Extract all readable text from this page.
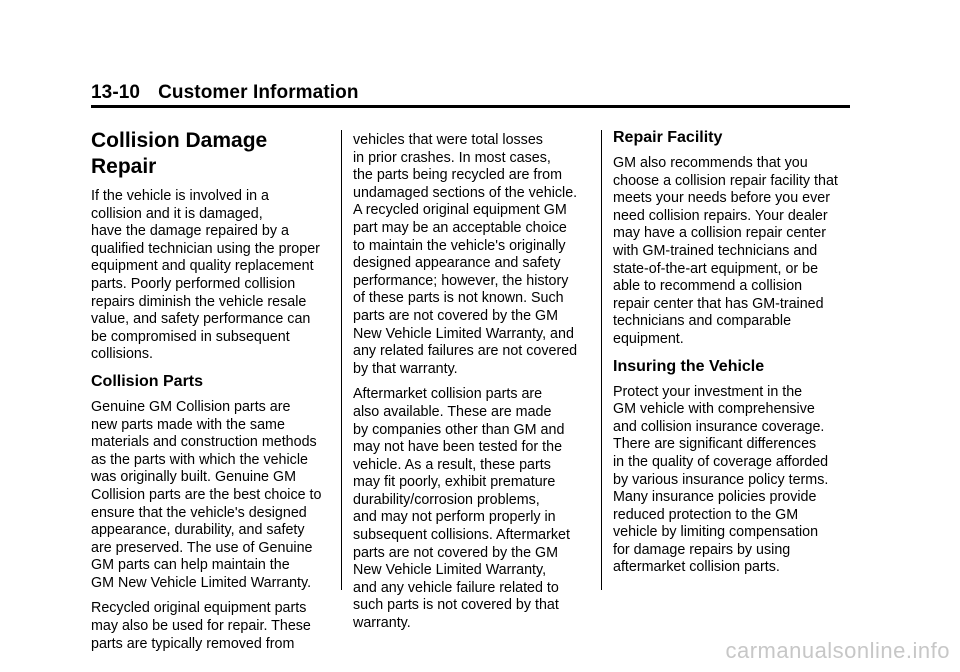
13-10 Customer Information
Collision Damage Repair

If the vehicle is involved in a
collision and it is damaged,
have the damage repaired by a
qualified technician using the proper
equipment and quality replacement
parts. Poorly performed collision
repairs diminish the vehicle resale
value, and safety performance can
be compromised in subsequent
collisions.

Collision Parts

Genuine GM Collision parts are
new parts made with the same
materials and construction methods
as the parts with which the vehicle
was originally built. Genuine GM
Collision parts are the best choice to
ensure that the vehicle's designed
appearance, durability, and safety
are preserved. The use of Genuine
GM parts can help maintain the
GM New Vehicle Limited Warranty.

Recycled original equipment parts
may also be used for repair. These
parts are typically removed from

vehicles that were total losses
in prior crashes. In most cases,
the parts being recycled are from
undamaged sections of the vehicle.
A recycled original equipment GM
part may be an acceptable choice
to maintain the vehicle's originally
designed appearance and safety
performance; however, the history
of these parts is not known. Such
parts are not covered by the GM
New Vehicle Limited Warranty, and
any related failures are not covered
by that warranty.

Aftermarket collision parts are
also available. These are made
by companies other than GM and
may not have been tested for the
vehicle. As a result, these parts
may fit poorly, exhibit premature
durability/corrosion problems,
and may not perform properly in
subsequent collisions. Aftermarket
parts are not covered by the GM
New Vehicle Limited Warranty,
and any vehicle failure related to
such parts is not covered by that
warranty.

Repair Facility

GM also recommends that you
choose a collision repair facility that
meets your needs before you ever
need collision repairs. Your dealer
may have a collision repair center
with GM-trained technicians and
state-of-the-art equipment, or be
able to recommend a collision
repair center that has GM-trained
technicians and comparable
equipment.

Insuring the Vehicle

Protect your investment in the
GM vehicle with comprehensive
and collision insurance coverage.
There are significant differences
in the quality of coverage afforded
by various insurance policy terms.
Many insurance policies provide
reduced protection to the GM
vehicle by limiting compensation
for damage repairs by using
aftermarket collision parts.

carmanualsonline.info
